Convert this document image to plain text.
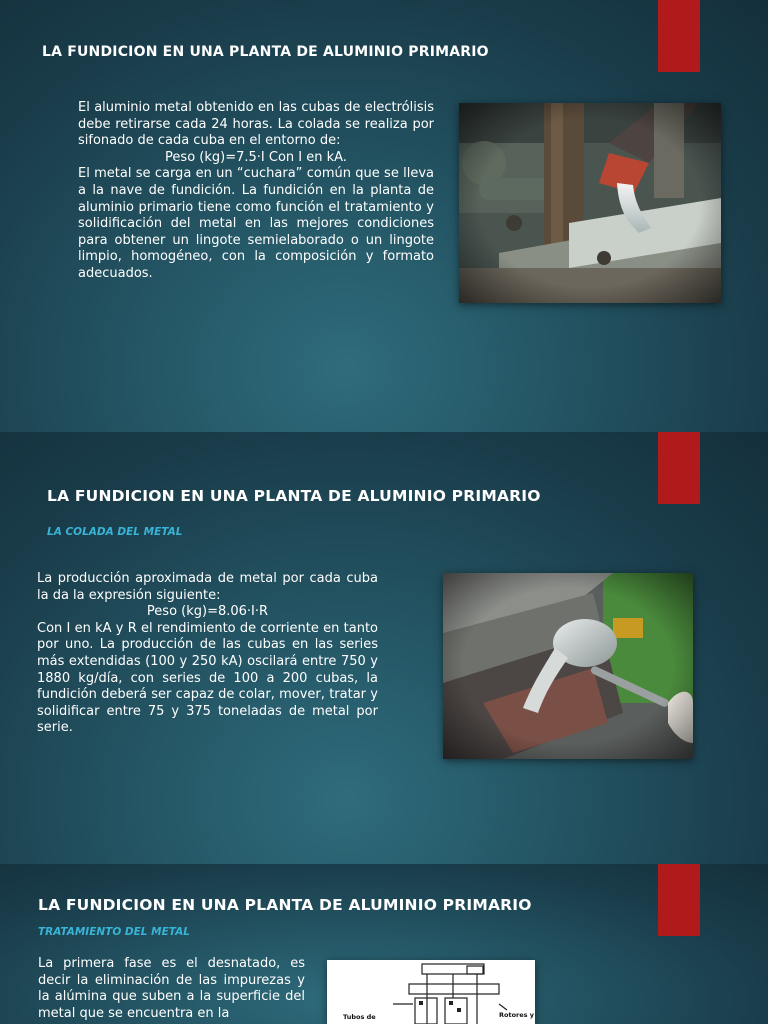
LA FUNDICION EN UNA PLANTA DE ALUMINIO PRIMARIO

El aluminio metal obtenido en las cubas de electrólisis debe retirarse cada 24 horas. La colada se realiza por sifonado de cada cuba en el entorno de:

Peso (kg)=7.5·I Con I en kA.

El metal se carga en un “cuchara” común que se lleva a la nave de fundición. La fundición en la planta de aluminio primario tiene como función el tratamiento y solidificación del metal en las mejores condiciones para obtener un lingote semielaborado o un lingote limpio, homogéneo, con la composición y formato adecuados.

LA FUNDICION EN UNA PLANTA DE ALUMINIO PRIMARIO
LA COLADA DEL METAL

La producción aproximada de metal por cada cuba la da la expresión siguiente:

Peso (kg)=8.06·I·R

Con I en kA y R el rendimiento de corriente en tanto por uno. La producción de las cubas en las series más extendidas (100 y 250 kA) oscilará entre 750 y 1880 kg/día, con series de 100 a 200 cubas, la fundición deberá ser capaz de colar, mover, tratar y solidificar entre 75 y 375 toneladas de metal por serie.

LA FUNDICION EN UNA PLANTA DE ALUMINIO PRIMARIO
TRATAMIENTO DEL METAL

La primera fase es el desnatado, es decir la eliminación de las impurezas y la alúmina que suben a la superficie del metal que se encuentra en la	Tubos de	Rotores y
